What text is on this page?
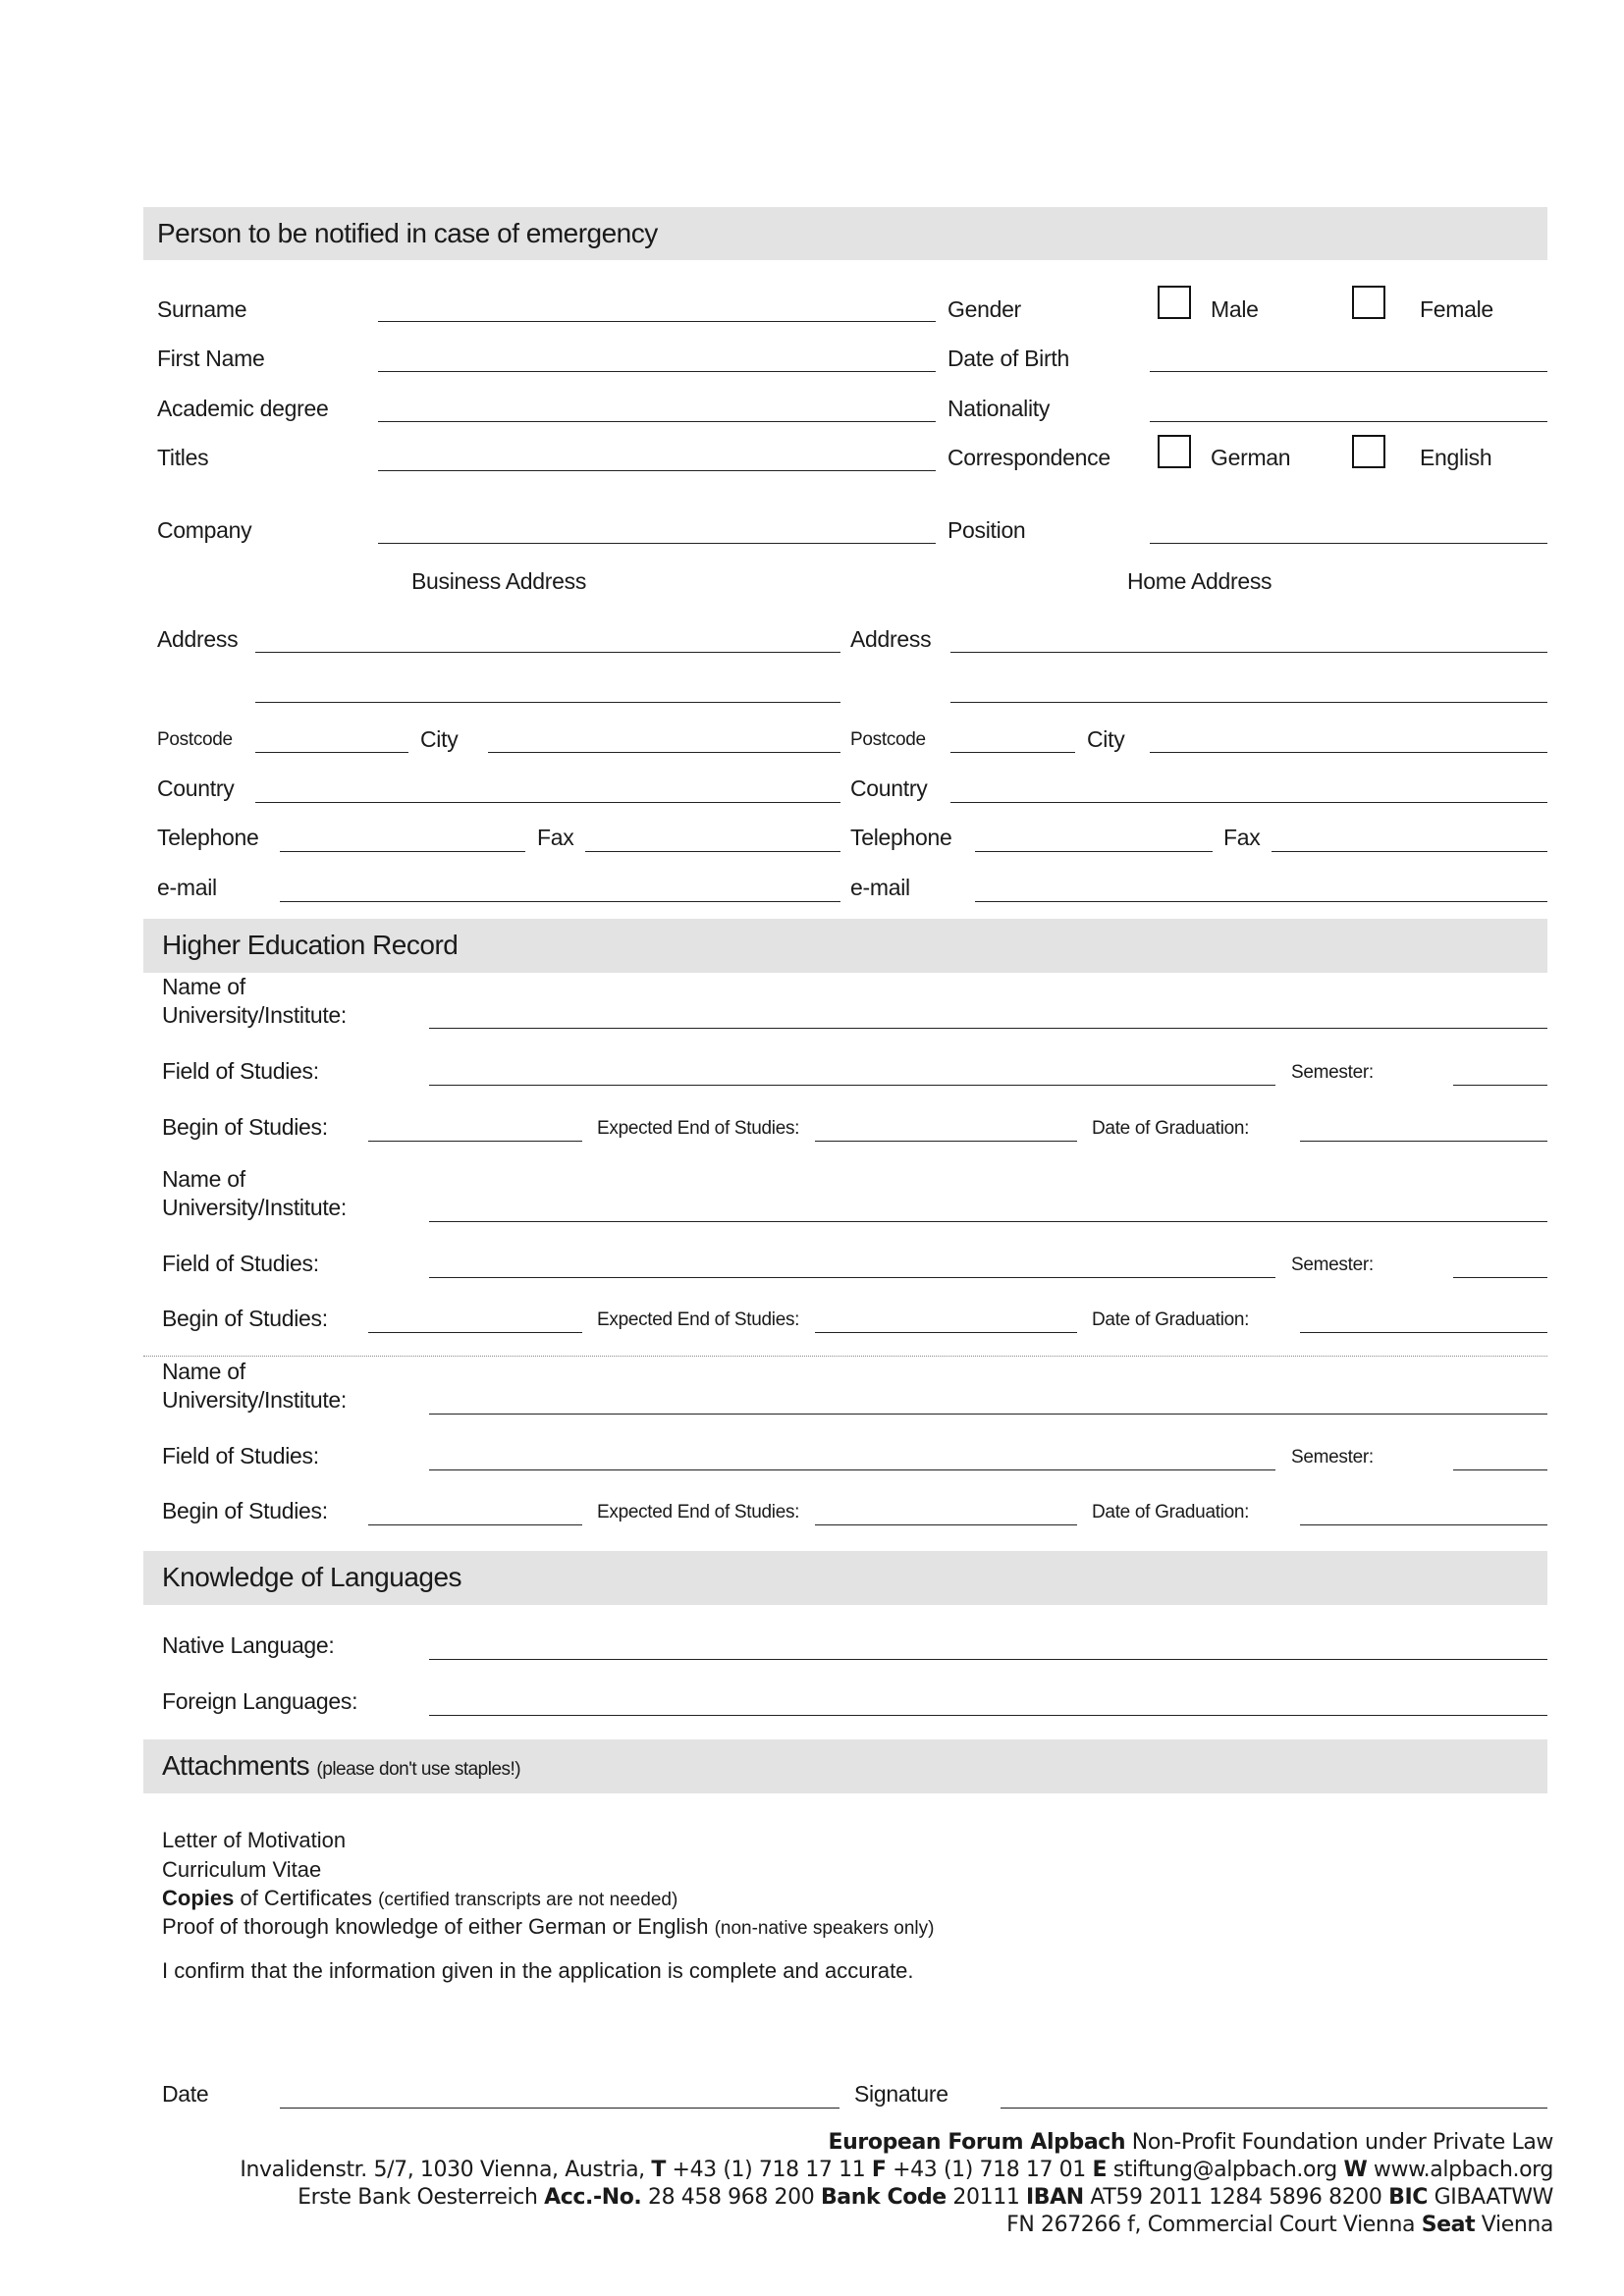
Person to be notified in case of emergency
Surname	Gender	Male	Female
First Name	Date of Birth
Academic degree	Nationality
Titles	Correspondence	German	English
Company	Position
Business Address	Home Address
Address	Address
Postcode	City	Postcode	City
Country	Country
Telephone	Fax	Telephone	Fax
e-mail	e-mail
Higher Education Record
Name of
University/Institute:
Field of Studies:	Semester:
Begin of Studies:	Expected End of Studies:	Date of Graduation:
Name of
University/Institute:
Field of Studies:	Semester:
Begin of Studies:	Expected End of Studies:	Date of Graduation:
Name of
University/Institute:
Field of Studies:	Semester:
Begin of Studies:	Expected End of Studies:	Date of Graduation:
Knowledge of Languages
Native Language:
Foreign Languages:
Attachments (please don't use staples!)
Letter of Motivation
Curriculum Vitae
Copies of Certificates (certified transcripts are not needed)
Proof of thorough knowledge of either German or English (non-native speakers only)
I confirm that the information given in the application is complete and accurate.
Date	Signature
European Forum Alpbach Non-Profit Foundation under Private Law
Invalidenstr. 5/7, 1030 Vienna, Austria, T +43 (1) 718 17 11 F +43 (1) 718 17 01 E stiftung@alpbach.org W www.alpbach.org
Erste Bank Oesterreich Acc.-No. 28 458 968 200 Bank Code 20111 IBAN AT59 2011 1284 5896 8200 BIC GIBAATWW
FN 267266 f, Commercial Court Vienna Seat Vienna
